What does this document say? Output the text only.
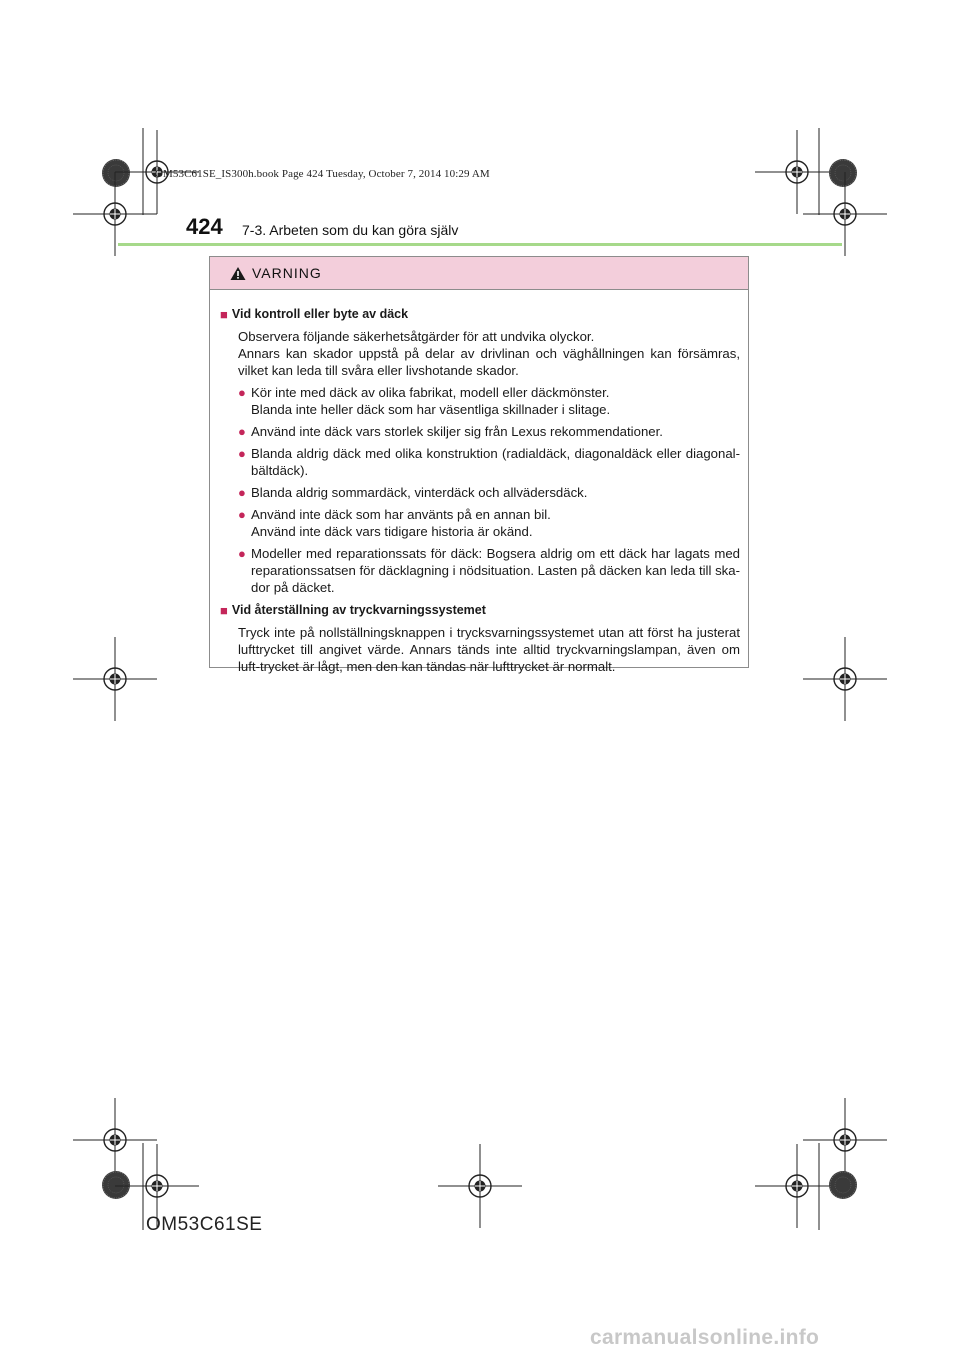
OM53C61SE_IS300h.book Page 424 Tuesday, October 7, 2014 10:29 AM
424 7-3. Arbeten som du kan göra själv
VARNING
■ Vid kontroll eller byte av däck
Observera följande säkerhetsåtgärder för att undvika olyckor.
Annars kan skador uppstå på delar av drivlinan och väghållningen kan försämras, vilket kan leda till svåra eller livshotande skador.
● Kör inte med däck av olika fabrikat, modell eller däckmönster.
Blanda inte heller däck som har väsentliga skillnader i slitage.
● Använd inte däck vars storlek skiljer sig från Lexus rekommendationer.
● Blanda aldrig däck med olika konstruktion (radialdäck, diagonaldäck eller diagonal-bältdäck).
● Blanda aldrig sommardäck, vinterdäck och allvädersdäck.
● Använd inte däck som har använts på en annan bil.
Använd inte däck vars tidigare historia är okänd.
● Modeller med reparationssats för däck: Bogsera aldrig om ett däck har lagats med reparationssatsen för däcklagning i nödsituation. Lasten på däcken kan leda till ska-dor på däcket.
■ Vid återställning av tryckvarningssystemet
Tryck inte på nollställningsknappen i trycksvarningssystemet utan att först ha justerat lufttrycket till angivet värde. Annars tänds inte alltid tryckvarningslampan, även om luft-trycket är lågt, men den kan tändas när lufttrycket är normalt.
OM53C61SE
carmanualsonline.info
